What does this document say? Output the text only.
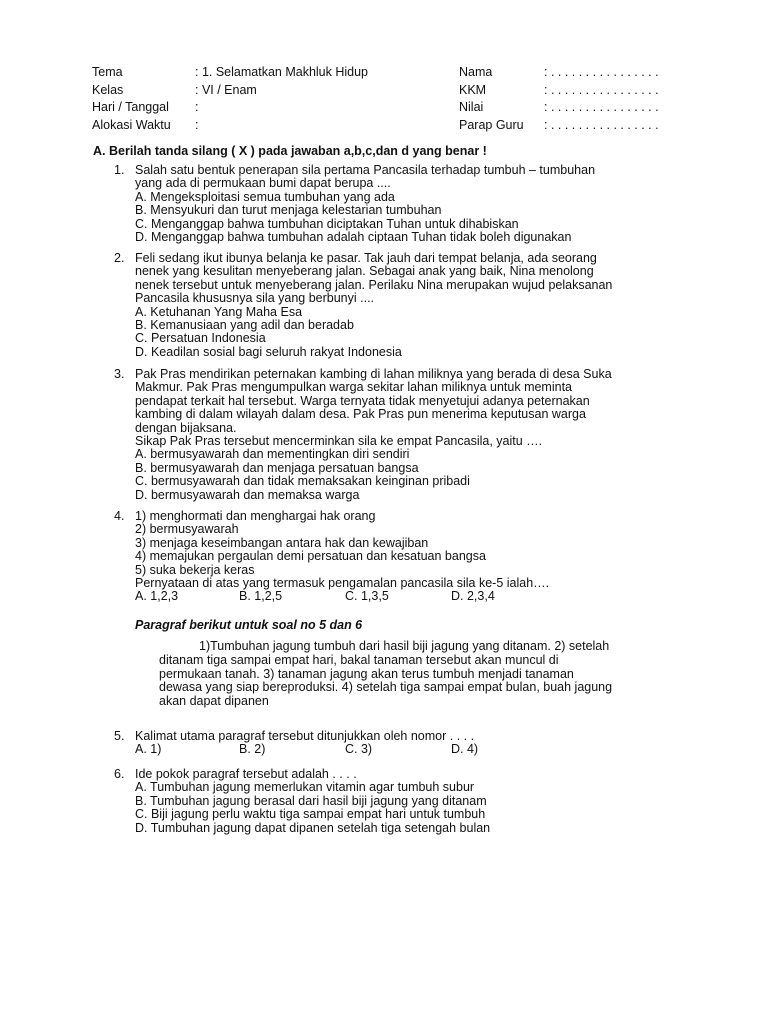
Tema	: 1. Selamatkan Makhluk Hidup	Nama	: . . . . . . . . . . . . . . . .
Kelas	: VI / Enam	KKM	: . . . . . . . . . . . . . . . .
Hari / Tanggal	:	Nilai	: . . . . . . . . . . . . . . . .
Alokasi Waktu	:	Parap Guru	: . . . . . . . . . . . . . . . .
A. Berilah tanda silang ( X ) pada jawaban a,b,c,dan d yang benar !
1. Salah satu bentuk penerapan sila pertama Pancasila terhadap tumbuh – tumbuhan
yang ada di permukaan bumi dapat berupa ....
A. Mengeksploitasi semua tumbuhan yang ada
B. Mensyukuri dan turut menjaga kelestarian tumbuhan
C. Menganggap bahwa tumbuhan diciptakan Tuhan untuk dihabiskan
D. Menganggap bahwa tumbuhan adalah ciptaan Tuhan tidak boleh digunakan
2. Feli sedang ikut ibunya belanja ke pasar. Tak jauh dari tempat belanja, ada seorang
nenek yang kesulitan menyeberang jalan. Sebagai anak yang baik, Nina menolong
nenek tersebut untuk menyeberang jalan. Perilaku Nina merupakan wujud pelaksanan
Pancasila khususnya sila yang berbunyi ....
A. Ketuhanan Yang Maha Esa
B. Kemanusiaan yang adil dan beradab
C. Persatuan Indonesia
D. Keadilan sosial bagi seluruh rakyat Indonesia
3. Pak Pras mendirikan peternakan kambing di lahan miliknya yang berada di desa Suka
Makmur. Pak Pras mengumpulkan warga sekitar lahan miliknya untuk meminta
pendapat terkait hal tersebut. Warga ternyata tidak menyetujui adanya peternakan
kambing di dalam wilayah dalam desa. Pak Pras pun menerima keputusan warga
dengan bijaksana.
Sikap Pak Pras tersebut mencerminkan sila ke empat Pancasila, yaitu ….
A. bermusyawarah dan mementingkan diri sendiri
B. bermusyawarah dan menjaga persatuan bangsa
C. bermusyawarah dan tidak memaksakan keinginan pribadi
D. bermusyawarah dan memaksa warga
4. 1) menghormati dan menghargai hak orang
2) bermusyawarah
3) menjaga keseimbangan antara hak dan kewajiban
4) memajukan pergaulan demi persatuan dan kesatuan bangsa
5) suka bekerja keras
Pernyataan di atas yang termasuk pengamalan pancasila sila ke-5 ialah….
A. 1,2,3	B. 1,2,5	C. 1,3,5	D. 2,3,4
Paragraf berikut untuk soal no 5 dan 6
1)Tumbuhan jagung tumbuh dari hasil biji jagung yang ditanam. 2) setelah
ditanam tiga sampai empat hari, bakal tanaman tersebut akan muncul di
permukaan tanah. 3) tanaman jagung akan terus tumbuh menjadi tanaman
dewasa yang siap bereproduksi. 4) setelah tiga sampai empat bulan, buah jagung
akan dapat dipanen
5. Kalimat utama paragraf tersebut ditunjukkan oleh nomor . . . .
A. 1)	B. 2)	C. 3)	D. 4)
6. Ide pokok paragraf tersebut adalah . . . .
A. Tumbuhan jagung memerlukan vitamin agar tumbuh subur
B. Tumbuhan jagung berasal dari hasil biji jagung yang ditanam
C. Biji jagung perlu waktu tiga sampai empat hari untuk tumbuh
D. Tumbuhan jagung dapat dipanen setelah tiga setengah bulan
